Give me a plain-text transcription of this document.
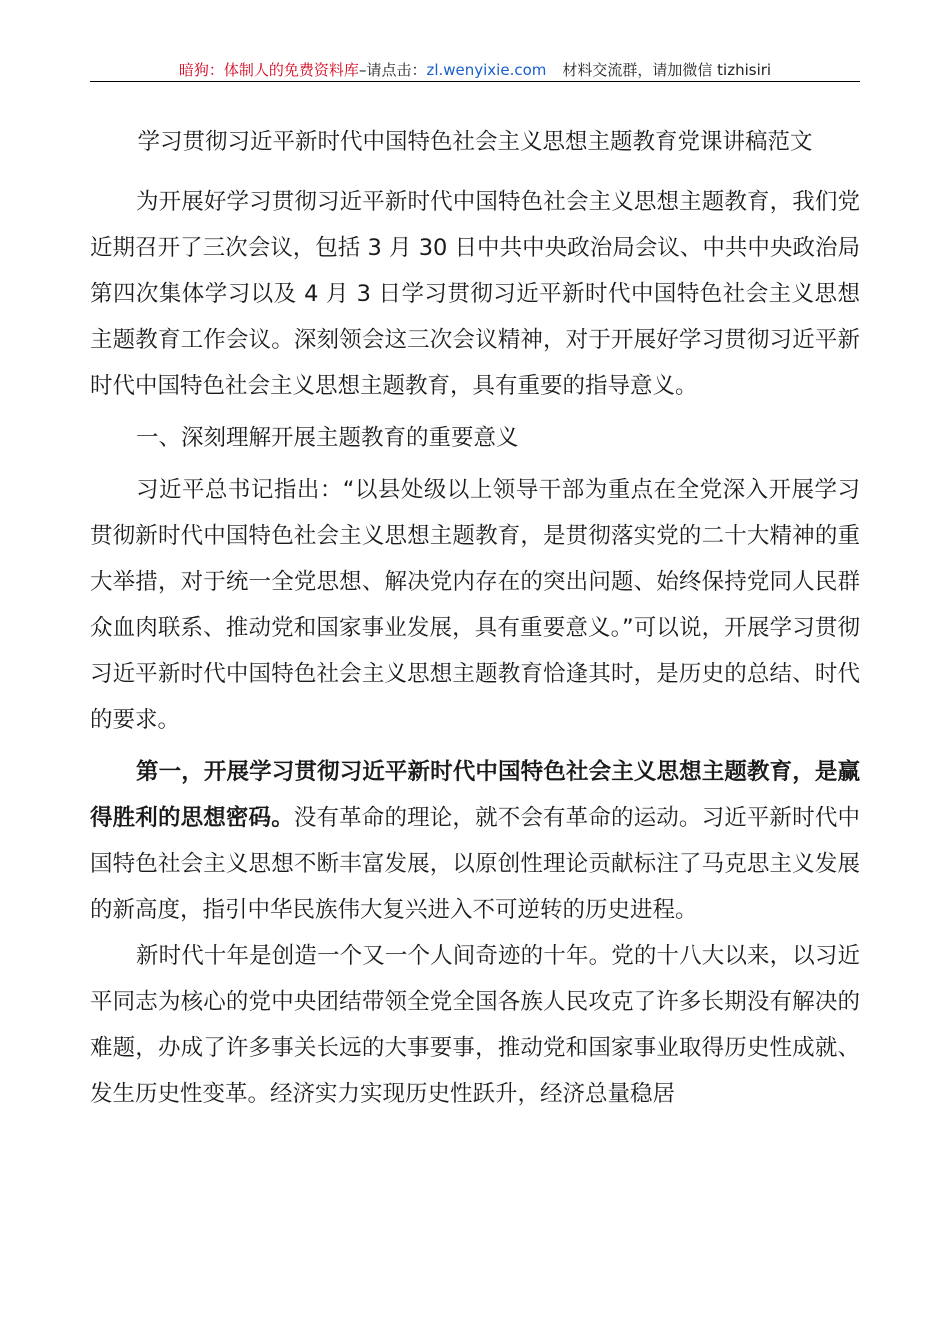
暗狗：体制人的免费资料库–请点击：zl.wenyixie.com 材料交流群，请加微信 tizhisiri
学习贯彻习近平新时代中国特色社会主义思想主题教育党课讲稿范文

为开展好学习贯彻习近平新时代中国特色社会主义思想主题教育，我们党近期召开了三次会议，包括 3 月 30 日中共中央政治局会议、中共中央政治局第四次集体学习以及 4 月 3 日学习贯彻习近平新时代中国特色社会主义思想主题教育工作会议。深刻领会这三次会议精神，对于开展好学习贯彻习近平新时代中国特色社会主义思想主题教育，具有重要的指导意义。

一、深刻理解开展主题教育的重要意义

习近平总书记指出：“以县处级以上领导干部为重点在全党深入开展学习贯彻新时代中国特色社会主义思想主题教育，是贯彻落实党的二十大精神的重大举措，对于统一全党思想、解决党内存在的突出问题、始终保持党同人民群众血肉联系、推动党和国家事业发展，具有重要意义。”可以说，开展学习贯彻习近平新时代中国特色社会主义思想主题教育恰逢其时，是历史的总结、时代的要求。

第一，开展学习贯彻习近平新时代中国特色社会主义思想主题教育，是赢得胜利的思想密码。没有革命的理论，就不会有革命的运动。习近平新时代中国特色社会主义思想不断丰富发展，以原创性理论贡献标注了马克思主义发展的新高度，指引中华民族伟大复兴进入不可逆转的历史进程。

新时代十年是创造一个又一个人间奇迹的十年。党的十八大以来，以习近平同志为核心的党中央团结带领全党全国各族人民攻克了许多长期没有解决的难题，办成了许多事关长远的大事要事，推动党和国家事业取得历史性成就、发生历史性变革。经济实力实现历史性跃升，经济总量稳居
